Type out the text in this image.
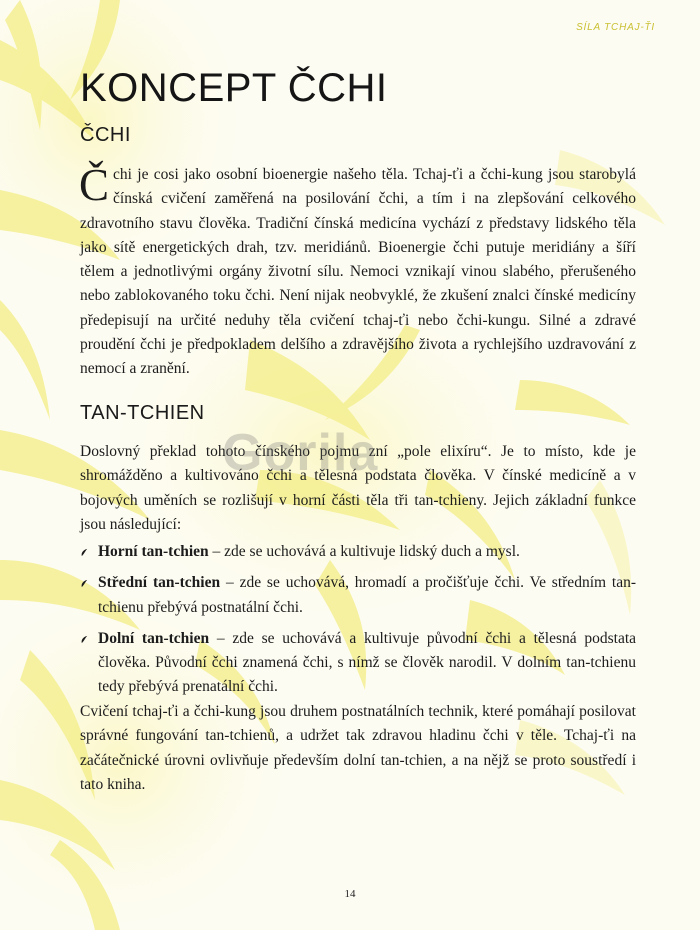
SÍLA TCHAJ-ŤI
KONCEPT ČCHI
ČCHI

Čchi je cosi jako osobní bioenergie našeho těla. Tchaj-ťi a čchi-kung jsou starobylá čínská cvičení zaměřená na posilování čchi, a tím i na zlepšování celkového zdravotního stavu člověka. Tradiční čínská medicína vychází z představy lidského těla jako sítě energetických drah, tzv. meridiánů. Bioenergie čchi putuje meridiány a šíří tělem a jednotlivými orgány životní sílu. Nemoci vznikají vinou slabého, přerušeného nebo zablokovaného toku čchi. Není nijak neobvyklé, že zkušení znalci čínské medicíny předepisují na určité neduhy těla cvičení tchaj-ťi nebo čchi-kungu. Silné a zdravé proudění čchi je předpokladem delšího a zdravějšího života a rychlejšího uzdravování z nemocí a zranění.

TAN-TCHIEN

Doslovný překlad tohoto čínského pojmu zní „pole elixíru“. Je to místo, kde je shromážděno a kultivováno čchi a tělesná podstata člověka. V čínské medicíně a v bojových uměních se rozlišují v horní části těla tři tan-tchieny. Jejich základní funkce jsou následující:

Horní tan-tchien – zde se uchovává a kultivuje lidský duch a mysl.
Střední tan-tchien – zde se uchovává, hromadí a pročišťuje čchi. Ve středním tan-tchienu přebývá postnatální čchi.
Dolní tan-tchien – zde se uchovává a kultivuje původní čchi a tělesná podstata člověka. Původní čchi znamená čchi, s nímž se člověk narodil. V dolním tan-tchienu tedy přebývá prenatální čchi.

Cvičení tchaj-ťi a čchi-kung jsou druhem postnatálních technik, které pomáhají posilovat správné fungování tan-tchienů, a udržet tak zdravou hladinu čchi v těle. Tchaj-ťi na začátečnické úrovni ovlivňuje především dolní tan-tchien, a na nějž se proto soustředí i tato kniha.

14
Gorila
